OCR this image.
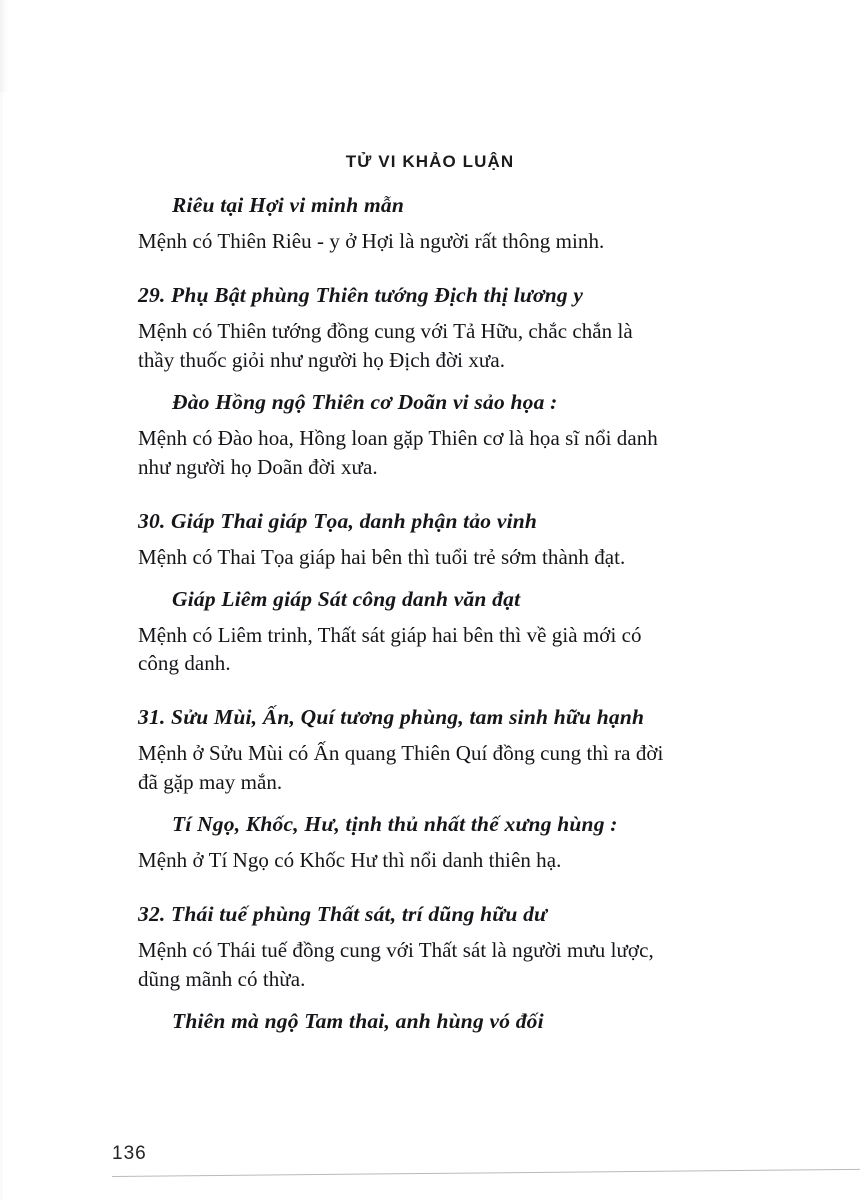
TỬ VI KHẢO LUẬN

Riêu tại Hợi vi minh mẫn

Mệnh có Thiên Riêu - y ở Hợi là người rất thông minh.

29. Phụ Bật phùng Thiên tướng Địch thị lương y

Mệnh có Thiên tướng đồng cung với Tả Hữu, chắc chắn là

thầy thuốc giỏi như người họ Địch đời xưa.

Đào Hồng ngộ Thiên cơ Doãn vi sảo họa :

Mệnh có Đào hoa, Hồng loan gặp Thiên cơ là họa sĩ nổi danh

như người họ Doãn đời xưa.

30. Giáp Thai giáp Tọa, danh phận tảo vinh

Mệnh có Thai Tọa giáp hai bên thì tuổi trẻ sớm thành đạt.

Giáp Liêm giáp Sát công danh văn đạt

Mệnh có Liêm trinh, Thất sát giáp hai bên thì về già mới có

công danh.

31. Sửu Mùi, Ấn, Quí tương phùng, tam sinh hữu hạnh

Mệnh ở Sửu Mùi có Ấn quang Thiên Quí đồng cung thì ra đời

đã gặp may mắn.

Tí Ngọ, Khốc, Hư, tịnh thủ nhất thế xưng hùng :

Mệnh ở Tí Ngọ có Khốc Hư thì nổi danh thiên hạ.

32. Thái tuế phùng Thất sát, trí dũng hữu dư

Mệnh có Thái tuế đồng cung với Thất sát là người mưu lược,

dũng mãnh có thừa.

Thiên mà ngộ Tam thai, anh hùng vó đối

136
